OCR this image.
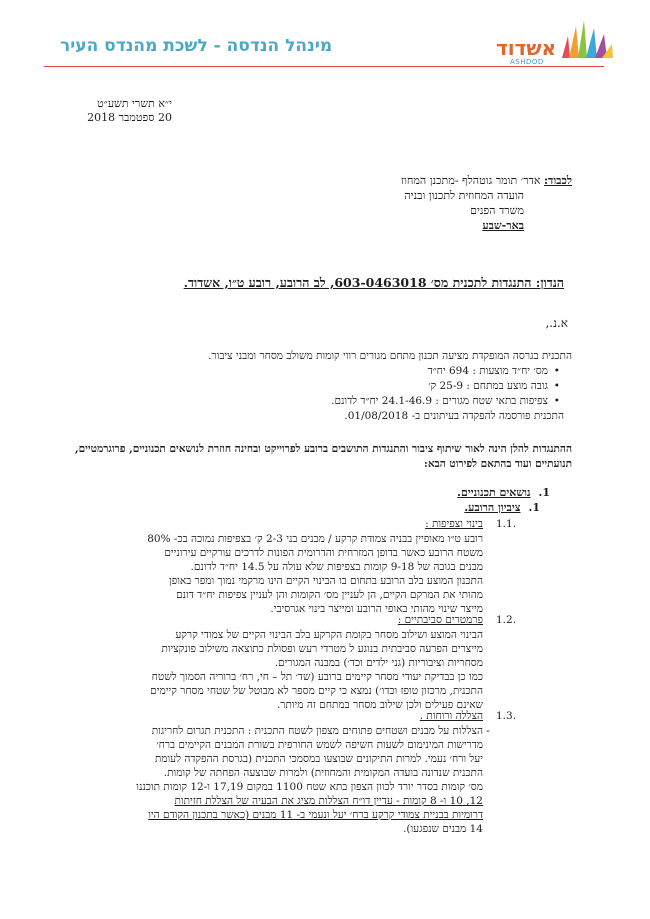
מינהל הנדסה - לשכת מהנדס העיר	אשדוד
ASHDOD
י״א תשרי תשע״ט
20 ספטמבר 2018
לכבוד: אדר׳ תומר גוטהלף -מתכנן המחוז
הועדה המחוזית לתכנון ובניה
משרד הפנים
באר-שבע
הנדון: התנגדות לתכנית מס׳ 603-0463018, לב הרובע, רובע ט״ו, אשדוד.
א.נ.,
התכנית בגרסה המופקדת מציעה תכנון מתחם מגורים רווי קומות משולב מסחר ומבני ציבור.
• מס׳ יח״ד מוצעות : 694 יח״ד
• גובה מוצע במתחם : 25-9 ק׳
• צפיפות בתאי שטח מגורים : 24.1-46.9 יח״ד לדונם.
התכנית פורסמה להפקדה בעיתונים ב- 01/08/2018.
ההתנגדות להלן הינה לאור שיתוף ציבור והתנגדות התושבים ברובע לפרוייקט ובחינה חוזרת לנושאים תכנוניים, פרוגרמטיים, תנועתיים ועוד בהתאם לפירוט הבא:
1.נושאים תכנוניים.
1.ציביון הרובע.
1.1.
בינוי וצפיפות :
רובע ט״ו מאופיין בבניה צמודת קרקע / מבנים בני 2-3 ק׳ בצפיפות נמוכה בכ- 80%
משטח הרובע כאשר בדופן המזרחית והדרומית הפונות לדרכים עורקיים עירוניים
מבנים בגובה של 9-18 קומות בצפיפות שלא עולה על 14.5 יח״ד לדונם.
התכנון המוצע בלב הרובע בתחום בו הבינוי הקיים הינו מרקמי נמוך ומפר באופן
מהותי את המרקם הקיים, הן לעניין מס׳ הקומות והן לעניין צפיפות יח״ד דונם
מייצר שינוי מהותי באופי הרובע ומייצר בינוי אגרסיבי.
1.2.
פרמטרים סביבתיים :
הבינוי המוצע ושילוב מסחר בקומת הקרקע בלב הבינוי הקיים של צמודי קרקע
מייצרים הפרעה סביבתית בנוגע ל מטרדי רעש ופסולת כתוצאה משילוב פונקציות
מסחריות וציבוריות (גני ילדים וכד׳) במבנה המגורים.
כמו כן בבדיקת יעודי מסחר קיימים ברובע (שד׳ תל – חי, רח׳ ברוריה הסמוך לשטח
התכנית, מרכזון טופז וכדו׳) נמצא כי קיים מספר לא מבוטל של שטחי מסחר קיימים
שאינם פעילים ולכן שילוב מסחר במתחם זה מיותר.
1.3.
הצללה ורוחות .
-
הצללות על מבנים ושטחים פתוחים מצפון לשטח התכנית : התכנית תגרום לחריגות
מדרישות המינימום לשעות חשיפה לשמש החורפית בשורת המבנים הקיימים ברח׳
יעל ורח׳ נעמי. למרות התיקונים שבוצעו במסמכי התכנית (בגרסת ההפקדה לעומת
התכנית שנדונה בועדה המקומית והמחוזית) ולמרות שבוצעה הפחתה של קומות.
מס׳ קומות בסדר יורד לכוון הצפון בתא שטח 1100 במקום 17,19 ו-12 קומות תוכננו
12, 10 ו- 8 קומות - עדיין דו״ח הצללות מציג את הבעיה של הצללת חזיתות
דרומיות בבניית צמודי קרקע ברח׳ יעל ונעמי ב- 11 מבנים (כאשר בתכנון הקודם היו
14 מבנים שנפגעו).
